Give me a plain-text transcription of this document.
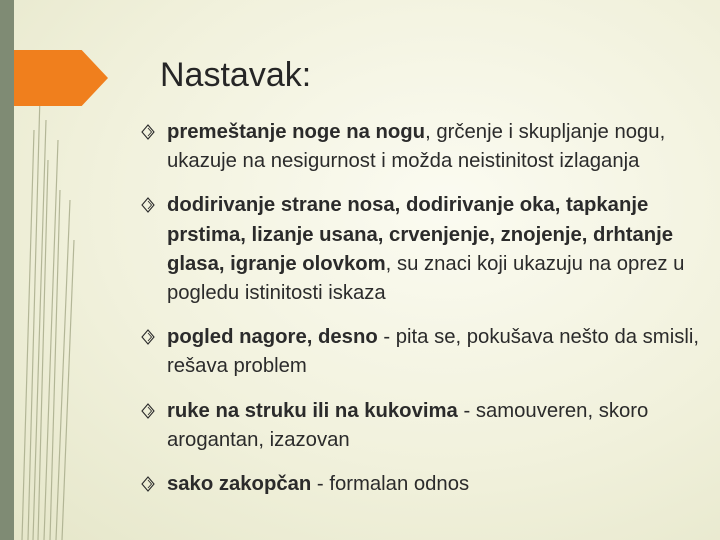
Nastavak:
premeštanje noge na nogu, grčenje i skupljanje nogu, ukazuje na nesigurnost i možda neistinitost izlaganja
dodirivanje strane nosa, dodirivanje oka, tapkanje prstima, lizanje usana, crvenjenje, znojenje, drhtanje glasa, igranje olovkom, su znaci koji ukazuju na oprez u pogledu istinitosti iskaza
pogled nagore, desno - pita se, pokušava nešto da smisli, rešava problem
ruke na struku ili na kukovima - samouveren, skoro arogantan, izazovan
sako zakopčan - formalan odnos
